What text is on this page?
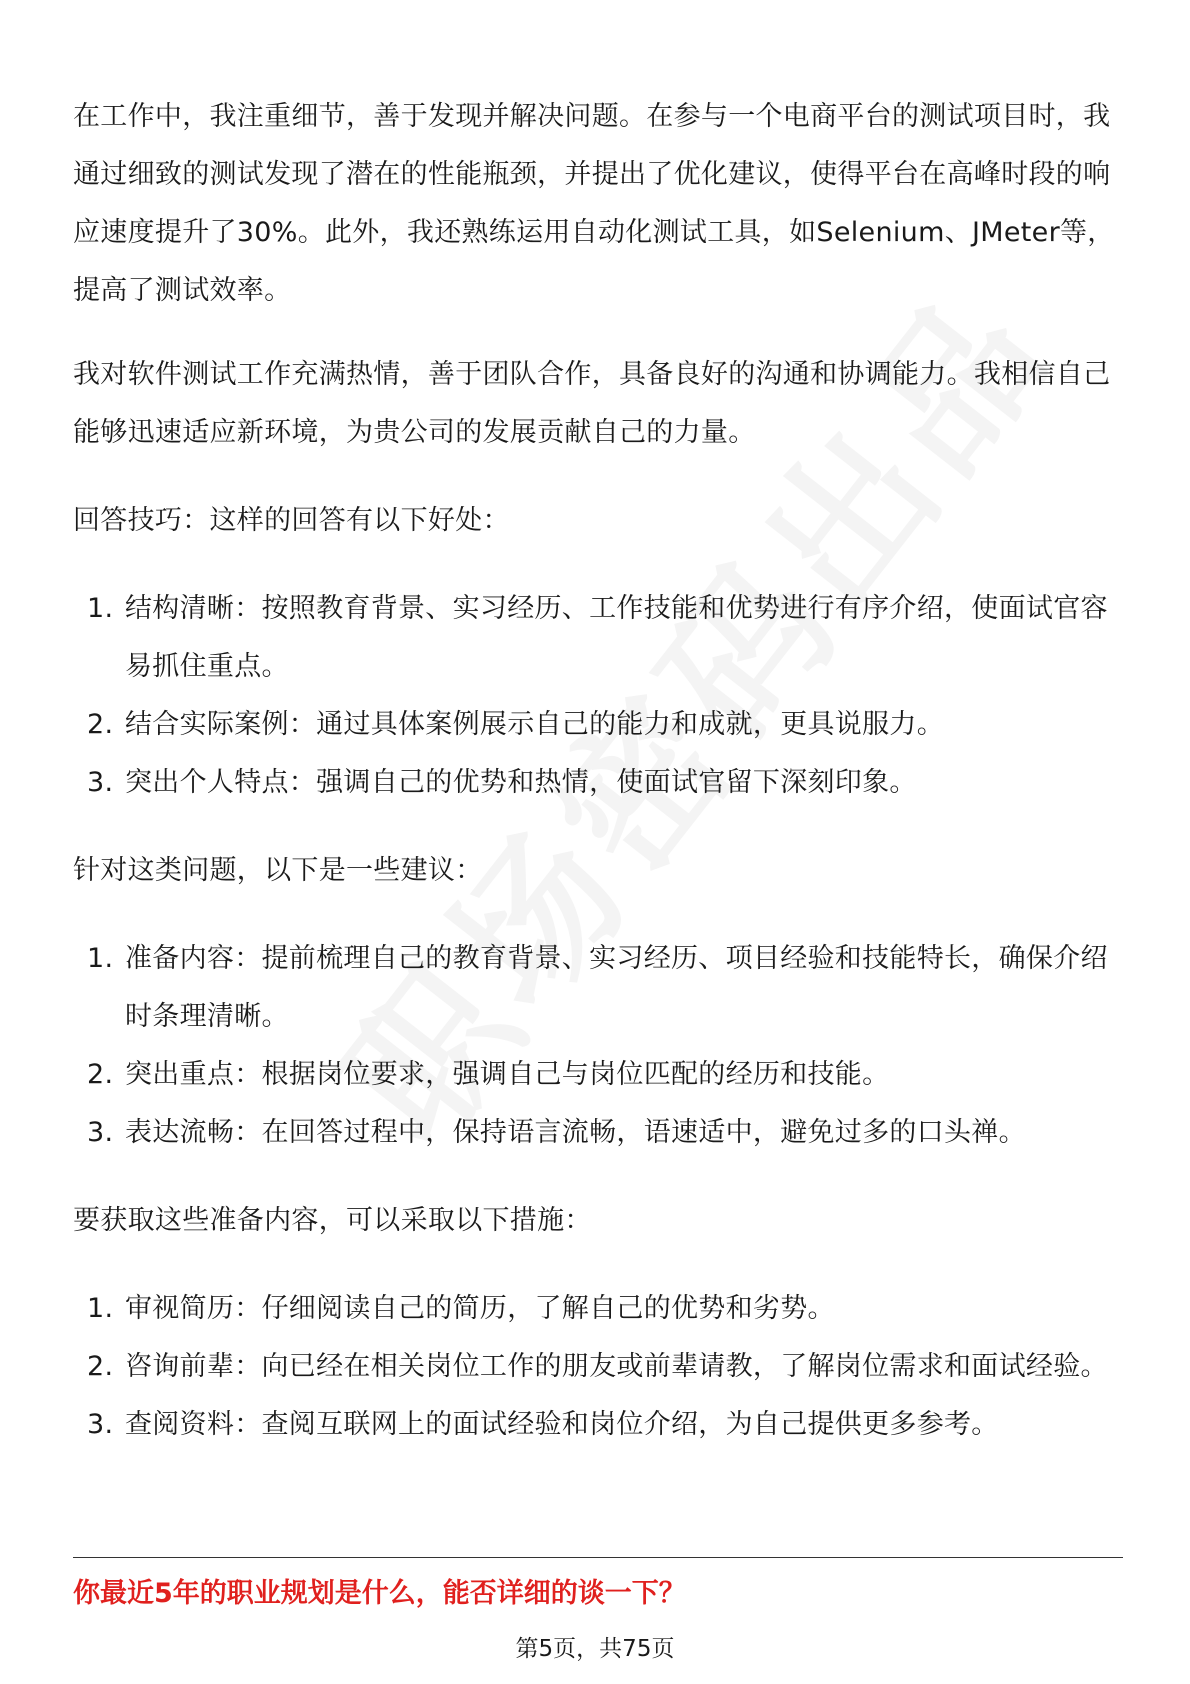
在工作中，我注重细节，善于发现并解决问题。在参与一个电商平台的测试项目时，我通过细致的测试发现了潜在的性能瓶颈，并提出了优化建议，使得平台在高峰时段的响应速度提升了30%。此外，我还熟练运用自动化测试工具，如Selenium、JMeter等，提高了测试效率。

我对软件测试工作充满热情，善于团队合作，具备良好的沟通和协调能力。我相信自己能够迅速适应新环境，为贵公司的发展贡献自己的力量。

回答技巧：这样的回答有以下好处：

1. 结构清晰：按照教育背景、实习经历、工作技能和优势进行有序介绍，使面试官容易抓住重点。
2. 结合实际案例：通过具体案例展示自己的能力和成就，更具说服力。
3. 突出个人特点：强调自己的优势和热情，使面试官留下深刻印象。

针对这类问题，以下是一些建议：

1. 准备内容：提前梳理自己的教育背景、实习经历、项目经验和技能特长，确保介绍时条理清晰。
2. 突出重点：根据岗位要求，强调自己与岗位匹配的经历和技能。
3. 表达流畅：在回答过程中，保持语言流畅，语速适中，避免过多的口头禅。

要获取这些准备内容，可以采取以下措施：

1. 审视简历：仔细阅读自己的简历，了解自己的优势和劣势。
2. 咨询前辈：向已经在相关岗位工作的朋友或前辈请教，了解岗位需求和面试经验。
3. 查阅资料：查阅互联网上的面试经验和岗位介绍，为自己提供更多参考。

你最近5年的职业规划是什么，能否详细的谈一下？

第5页，共75页
